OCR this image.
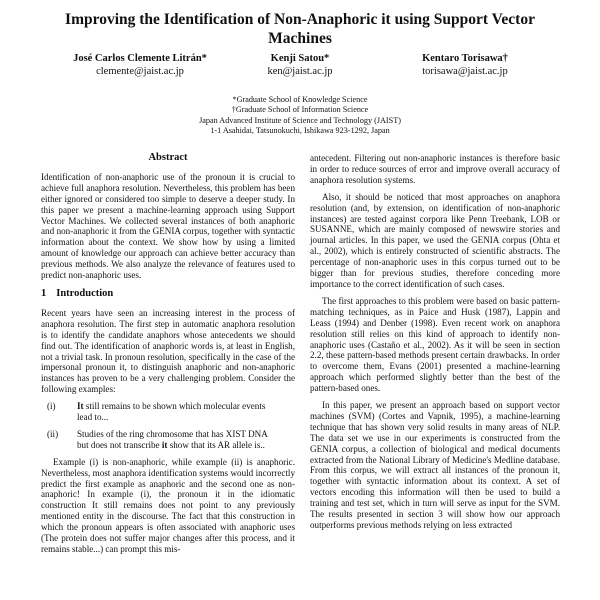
Improving the Identification of Non-Anaphoric it using Support Vector Machines
José Carlos Clemente Litrán*
clemente@jaist.ac.jp
Kenji Satou*
ken@jaist.ac.jp
Kentaro Torisawa†
torisawa@jaist.ac.jp
*Graduate School of Knowledge Science
†Graduate School of Information Science
Japan Advanced Institute of Science and Technology (JAIST)
1-1 Asahidai, Tatsunokuchi, Ishikawa 923-1292, Japan
Abstract

Identification of non-anaphoric use of the pronoun it is crucial to achieve full anaphora resolution. Nevertheless, this problem has been either ignored or considered too simple to deserve a deeper study. In this paper we present a machine-learning approach using Support Vector Machines. We collected several instances of both anaphoric and non-anaphoric it from the GENIA corpus, together with syntactic information about the context. We show how by using a limited amount of knowledge our approach can achieve better accuracy than previous methods. We also analyze the relevance of features used to predict non-anaphoric uses.

1 Introduction

Recent years have seen an increasing interest in the process of anaphora resolution. The first step in automatic anaphora resolution is to identify the candidate anaphors whose antecedents we should find out. The identification of anaphoric words is, at least in English, not a trivial task. In pronoun resolution, specifically in the case of the impersonal pronoun it, to distinguish anaphoric and non-anaphoric instances has proven to be a very challenging problem. Consider the following examples:

(i)	It still remains to be shown which molecular events lead to...
(ii)	Studies of the ring chromosome that has XIST DNA but does not transcribe it show that its AR allele is..

Example (i) is non-anaphoric, while example (ii) is anaphoric. Nevertheless, most anaphora identification systems would incorrectly predict the first example as anaphoric and the second one as non-anaphoric! In example (i), the pronoun it in the idiomatic construction It still remains does not point to any previously mentioned entity in the discourse. The fact that this construction in which the pronoun appears is often associated with anaphoric uses (The protein does not suffer major changes after this process, and it remains stable...) can prompt this mis-

antecedent. Filtering out non-anaphoric instances is therefore basic in order to reduce sources of error and improve overall accuracy of anaphora resolution systems.

Also, it should be noticed that most approaches on anaphora resolution (and, by extension, on identification of non-anaphoric instances) are tested against corpora like Penn Treebank, LOB or SUSANNE, which are mainly composed of newswire stories and journal articles. In this paper, we used the GENIA corpus (Ohta et al., 2002), which is entirely constructed of scientific abstracts. The percentage of non-anaphoric uses in this corpus turned out to be bigger than for previous studies, therefore conceding more importance to the correct identification of such cases.

The first approaches to this problem were based on basic pattern-matching techniques, as in Paice and Husk (1987), Lappin and Leass (1994) and Denber (1998). Even recent work on anaphora resolution still relies on this kind of approach to identify non-anaphoric uses (Castaño et al., 2002). As it will be seen in section 2.2, these pattern-based methods present certain drawbacks. In order to overcome them, Evans (2001) presented a machine-learning approach which performed slightly better than the best of the pattern-based ones.

In this paper, we present an approach based on support vector machines (SVM) (Cortes and Vapnik, 1995), a machine-learning technique that has shown very solid results in many areas of NLP. The data set we use in our experiments is constructed from the GENIA corpus, a collection of biological and medical documents extracted from the National Library of Medicine's Medline database. From this corpus, we will extract all instances of the pronoun it, together with syntactic information about its context. A set of vectors encoding this information will then be used to build a training and test set, which in turn will serve as input for the SVM. The results presented in section 3 will show how our approach outperforms previous methods relying on less extracted
